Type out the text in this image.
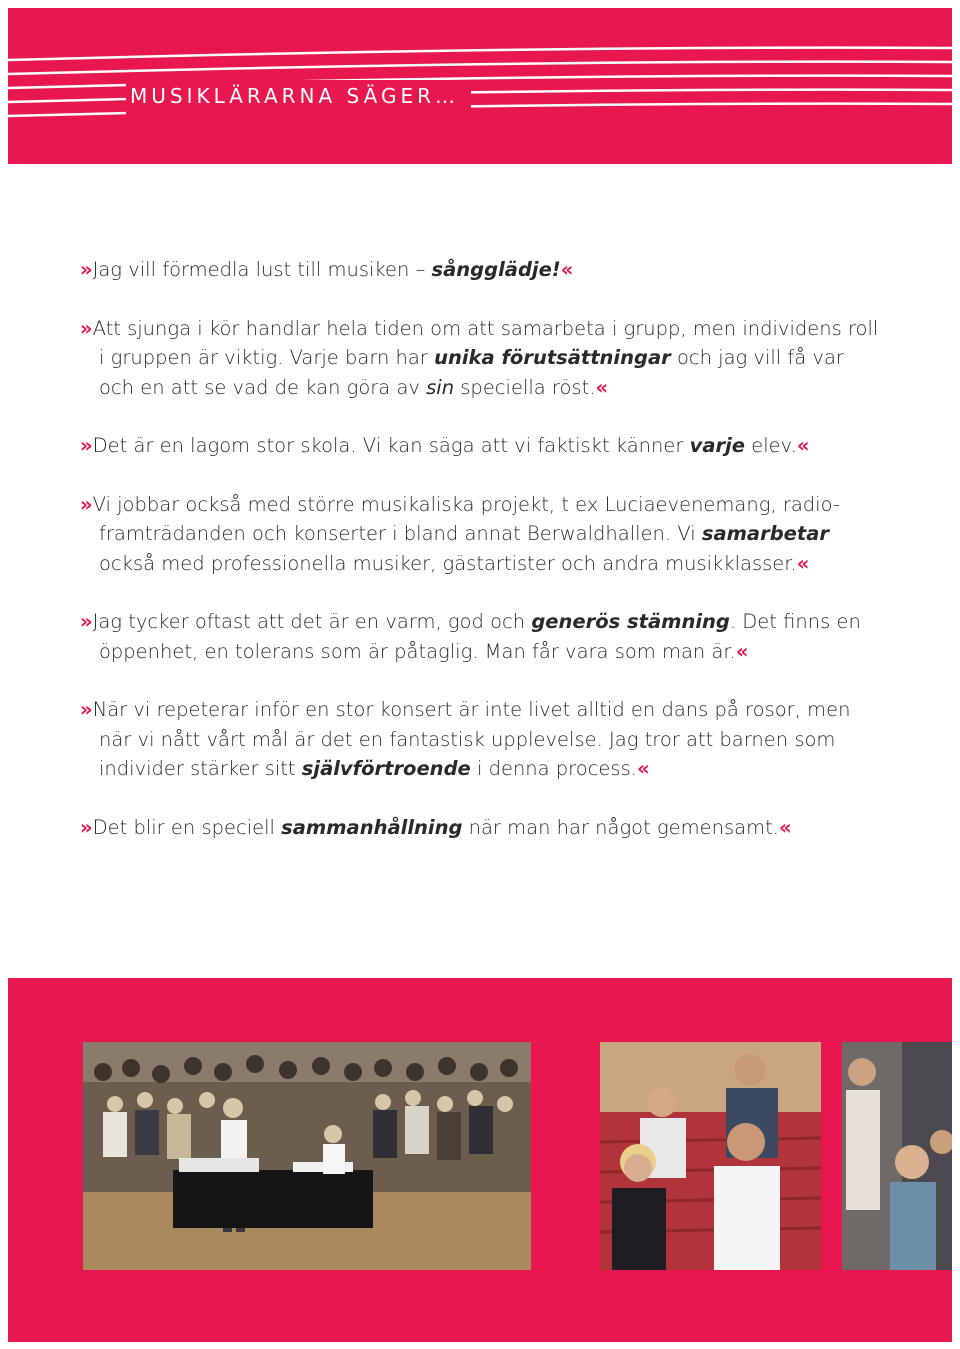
MUSIKLÄRARNA SÄGER…

»Jag vill förmedla lust till musiken – sångglädje!«

»Att sjunga i kör handlar hela tiden om att samarbeta i grupp, men individens roll i gruppen är viktig. Varje barn har unika förutsättningar och jag vill få var och en att se vad de kan göra av sin speciella röst.«

»Det är en lagom stor skola. Vi kan säga att vi faktiskt känner varje elev.«

»Vi jobbar också med större musikaliska projekt, t ex Luciaevenemang, radio-framträdanden och konserter i bland annat Berwaldhallen. Vi samarbetar också med professionella musiker, gästartister och andra musikklasser.«

»Jag tycker oftast att det är en varm, god och generös stämning. Det finns en öppenhet, en tolerans som är påtaglig. Man får vara som man är.«

»När vi repeterar inför en stor konsert är inte livet alltid en dans på rosor, men när vi nått vårt mål är det en fantastisk upplevelse. Jag tror att barnen som individer stärker sitt självförtroende i denna process.«

»Det blir en speciell sammanhållning när man har något gemensamt.«
